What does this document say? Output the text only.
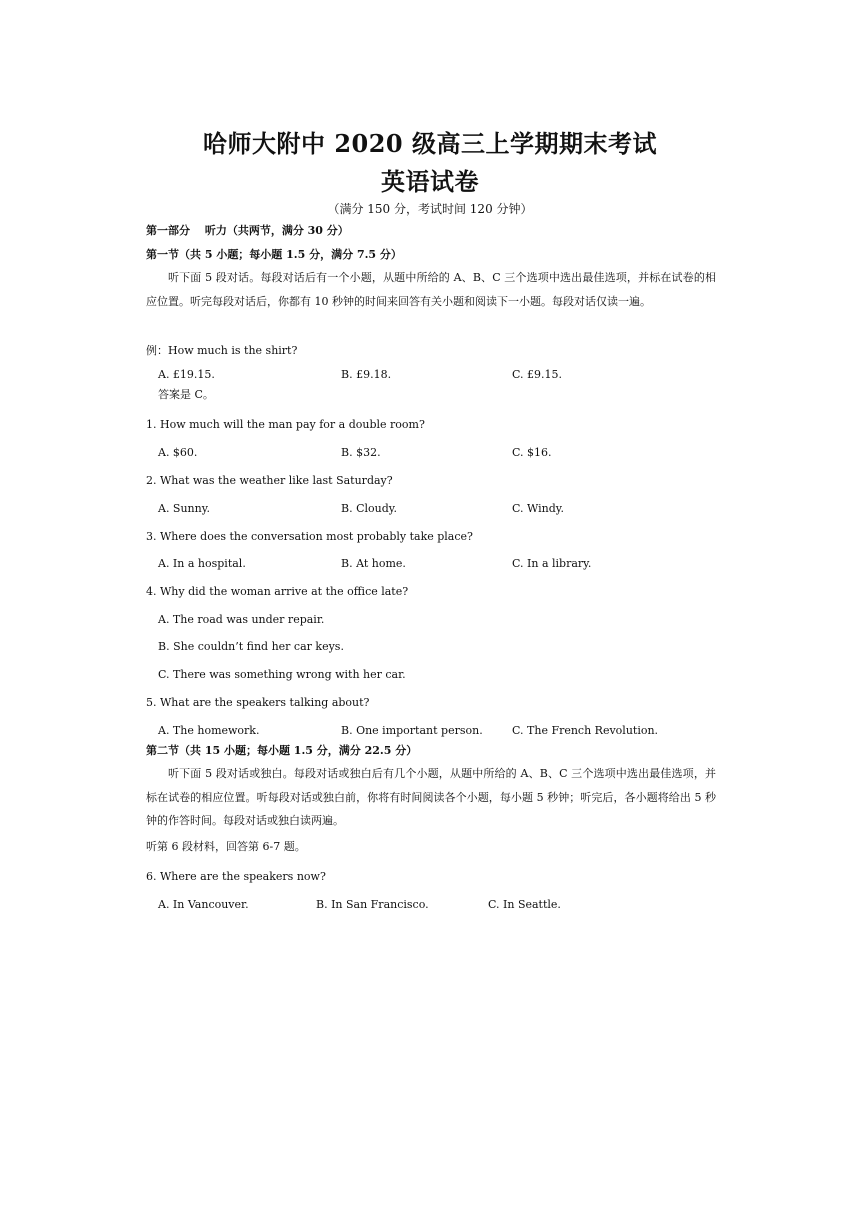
哈师大附中 2020 级高三上学期期末考试
英语试卷
（满分 150 分，考试时间 120 分钟）
第一部分 　听力（共两节，满分 30 分）
第一节（共 5 小题；每小题 1.5 分，满分 7.5 分）
听下面 5 段对话。每段对话后有一个小题，从题中所给的 A、B、C 三个选项中选出最佳选项，并标在试卷的相应位置。听完每段对话后，你都有 10 秒钟的时间来回答有关小题和阅读下一小题。每段对话仅读一遍。
例：How much is the shirt?
A. £19.15.	B. £9.18.	C. £9.15.
答案是 C。
1. How much will the man pay for a double room?
A. $60.	B. $32.	C. $16.
2. What was the weather like last Saturday?
A. Sunny.	B. Cloudy.	C. Windy.
3. Where does the conversation most probably take place?
A. In a hospital.	B. At home.	C. In a library.
4. Why did the woman arrive at the office late?
A. The road was under repair.
B. She couldn’t find her car keys.
C. There was something wrong with her car.
5. What are the speakers talking about?
A. The homework.	B. One important person.	C. The French Revolution.
第二节（共 15 小题；每小题 1.5 分，满分 22.5 分）
听下面 5 段对话或独白。每段对话或独白后有几个小题，从题中所给的 A、B、C 三个选项中选出最佳选项，并标在试卷的相应位置。听每段对话或独白前，你将有时间阅读各个小题，每小题 5 秒钟；听完后，各小题将给出 5 秒钟的作答时间。每段对话或独白读两遍。
听第 6 段材料，回答第 6-7 题。
6. Where are the speakers now?
A. In Vancouver.	B. In San Francisco.	C. In Seattle.
